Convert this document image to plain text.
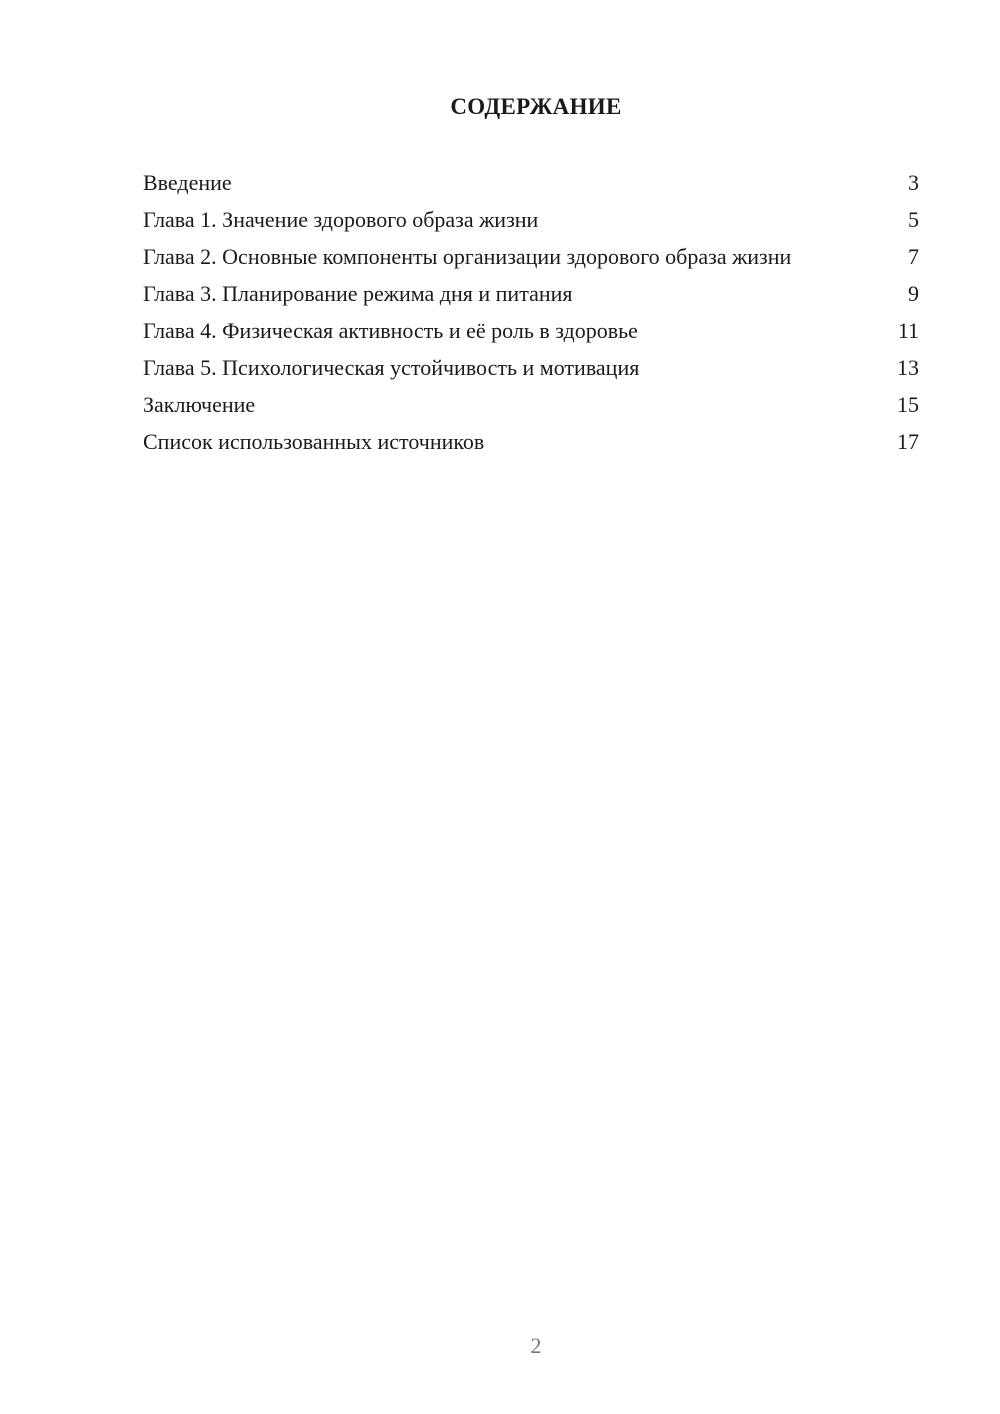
СОДЕРЖАНИЕ
Введение	3
Глава 1. Значение здорового образа жизни	5
Глава 2. Основные компоненты организации здорового образа жизни	7
Глава 3. Планирование режима дня и питания	9
Глава 4. Физическая активность и её роль в здоровье	11
Глава 5. Психологическая устойчивость и мотивация	13
Заключение	15
Список использованных источников	17

2
